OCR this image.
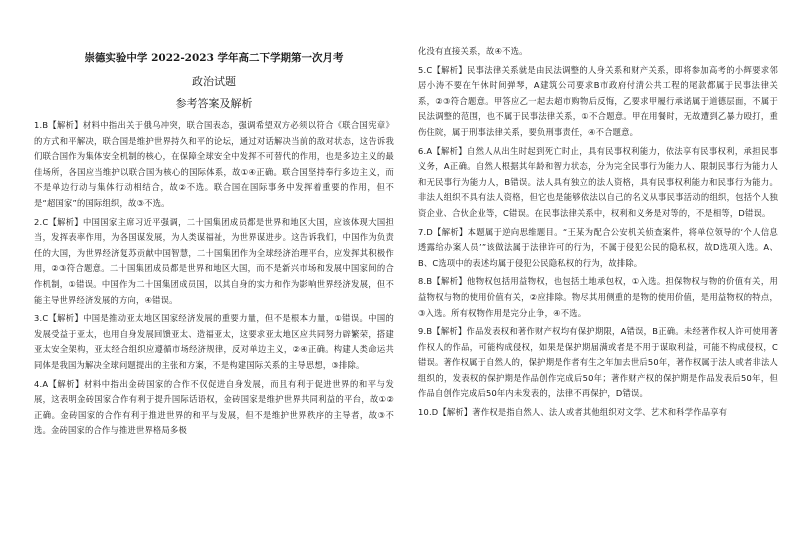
崇德实验中学 2022-2023 学年高二下学期第一次月考
政治试题
参考答案及解析

1.B【解析】材料中指出关于俄乌冲突，联合国表态，强调希望双方必须以符合《联合国宪章》的方式和平解决，联合国是维护世界持久和平的论坛，通过对话解决当前的敌对状态，这告诉我们联合国作为集体安全机制的核心，在保障全球安全中发挥不可替代的作用，也是多边主义的最佳场所，各国应当维护以联合国为核心的国际体系，故①④正确。联合国坚持奉行多边主义，而不是单边行动与集体行动相结合，故②不选。联合国在国际事务中发挥着重要的作用，但不是“超国家”的国际组织，故③不选。

2.C【解析】中国国家主席习近平强调，二十国集团成员都是世界和地区大国，应该体现大国担当，发挥表率作用，为各国谋发展，为人类谋福祉，为世界谋进步。这告诉我们，中国作为负责任的大国，为世界经济复苏贡献中国智慧，二十国集团作为全球经济治理平台，应发挥其积极作用，②③符合题意。二十国集团成员都是世界和地区大国，而不是新兴市场和发展中国家间的合作机制，①错误。中国作为二十国集团成员国，以其自身的实力和作为影响世界经济发展，但不能主导世界经济发展的方向，④错误。

3.C【解析】中国是推动亚太地区国家经济发展的重要力量，但不是根本力量，①错误。中国的发展受益于亚太，也用自身发展回馈亚太、造福亚太，这要求亚太地区应共同努力辟繁荣，搭建亚太安全架构，亚太经合组织应遵循市场经济规律，反对单边主义，②④正确。构建人类命运共同体是我国为解决全球问题提出的主张和方案，不是构建国际关系的主导思想，③排除。

4.A【解析】材料中指出金砖国家的合作不仅促进自身发展，而且有利于促进世界的和平与发展，这表明金砖国家合作有利于提升国际话语权，金砖国家是维护世界共同利益的平台，故①②正确。金砖国家的合作有利于推进世界的和平与发展，但不是维护世界秩序的主导者，故③不选。金砖国家的合作与推进世界格局多极

化没有直接关系，故④不选。

5.C【解析】民事法律关系就是由民法调整的人身关系和财产关系，即将参加高考的小辉要求邻居小涛不要在午休时间弹琴，A建筑公司要求B市政府付清公共工程的尾款都属于民事法律关系，②③符合题意。甲答应乙一起去超市购物后反悔，乙要求甲履行承诺属于道德层面，不属于民法调整的范围，也不属于民事法律关系，①不合题意。甲在用餐时，无故遭到乙暴力殴打，重伤住院，属于刑事法律关系，要负刑事责任，④不合题意。

6.A【解析】自然人从出生时起到死亡时止，具有民事权利能力，依法享有民事权利，承担民事义务，A正确。自然人根据其年龄和智力状态，分为完全民事行为能力人、限制民事行为能力人和无民事行为能力人，B错误。法人具有独立的法人资格，具有民事权利能力和民事行为能力。非法人组织不具有法人资格，但它也是能够依法以自己的名义从事民事活动的组织，包括个人独资企业、合伙企业等，C错误。在民事法律关系中，权利和义务是对等的，不是相等，D错误。

7.D【解析】本题属于逆向思维题目。“王某为配合公安机关侦查案件，将单位领导的‘个人信息透露给办案人员’”该做法属于法律许可的行为，不属于侵犯公民的隐私权，故D选项入选。A、B、C选项中的表述均属于侵犯公民隐私权的行为，故排除。

8.B【解析】他物权包括用益物权，也包括土地承包权，①入选。担保物权与物的价值有关，用益物权与物的使用价值有关，②应排除。物尽其用侧重的是物的使用价值，是用益物权的特点，③入选。所有权物作用是完分止争，④不选。

9.B【解析】作品发表权和著作财产权均有保护期限，A错误，B正确。未经著作权人许可使用著作权人的作品，可能构成侵权，如果是保护期届满或者是不用于谋取利益，可能不构成侵权，C错误。著作权属于自然人的，保护期是作者有生之年加去世后50年，著作权属于法人或者非法人组织的，发表权的保护期是作品创作完成后50年；著作财产权的保护期是作品发表后50年，但作品自创作完成后50年内未发表的，法律不再保护，D错误。

10.D【解析】著作权是指自然人、法人或者其他组织对文学、艺术和科学作品享有
